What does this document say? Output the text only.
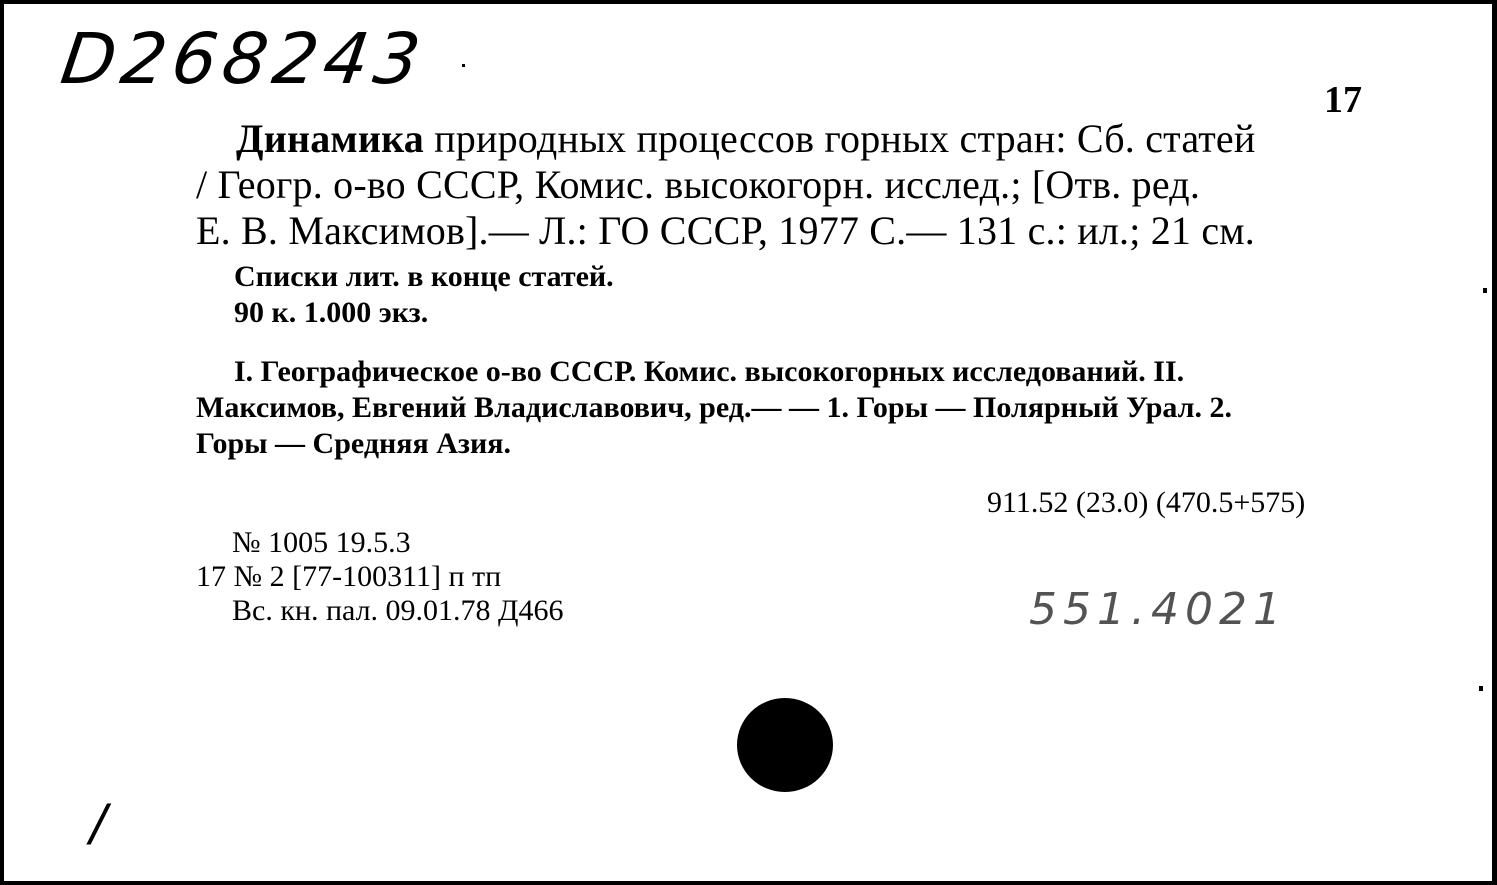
D268243	17
Динамика природных процессов горных стран: Сб. статей
/ Геогр. о-во СССР, Комис. высокогорн. исслед.; [Отв. ред.
Е. В. Максимов].— Л.: ГО СССР, 1977 С.— 131 с.: ил.; 21 см.
Списки лит. в конце статей.
90 к. 1.000 экз.
I. Географическое о-во СССР. Комис. высокогорных исследований. II.
Максимов, Евгений Владиславович, ред.— — 1. Горы — Полярный Урал. 2.
Горы — Средняя Азия.
911.52 (23.0) (470.5+575)
№ 1005 19.5.3
17 № 2 [77-100311] п тп
Вс. кн. пал. 09.01.78 Д466	551.4021
/
